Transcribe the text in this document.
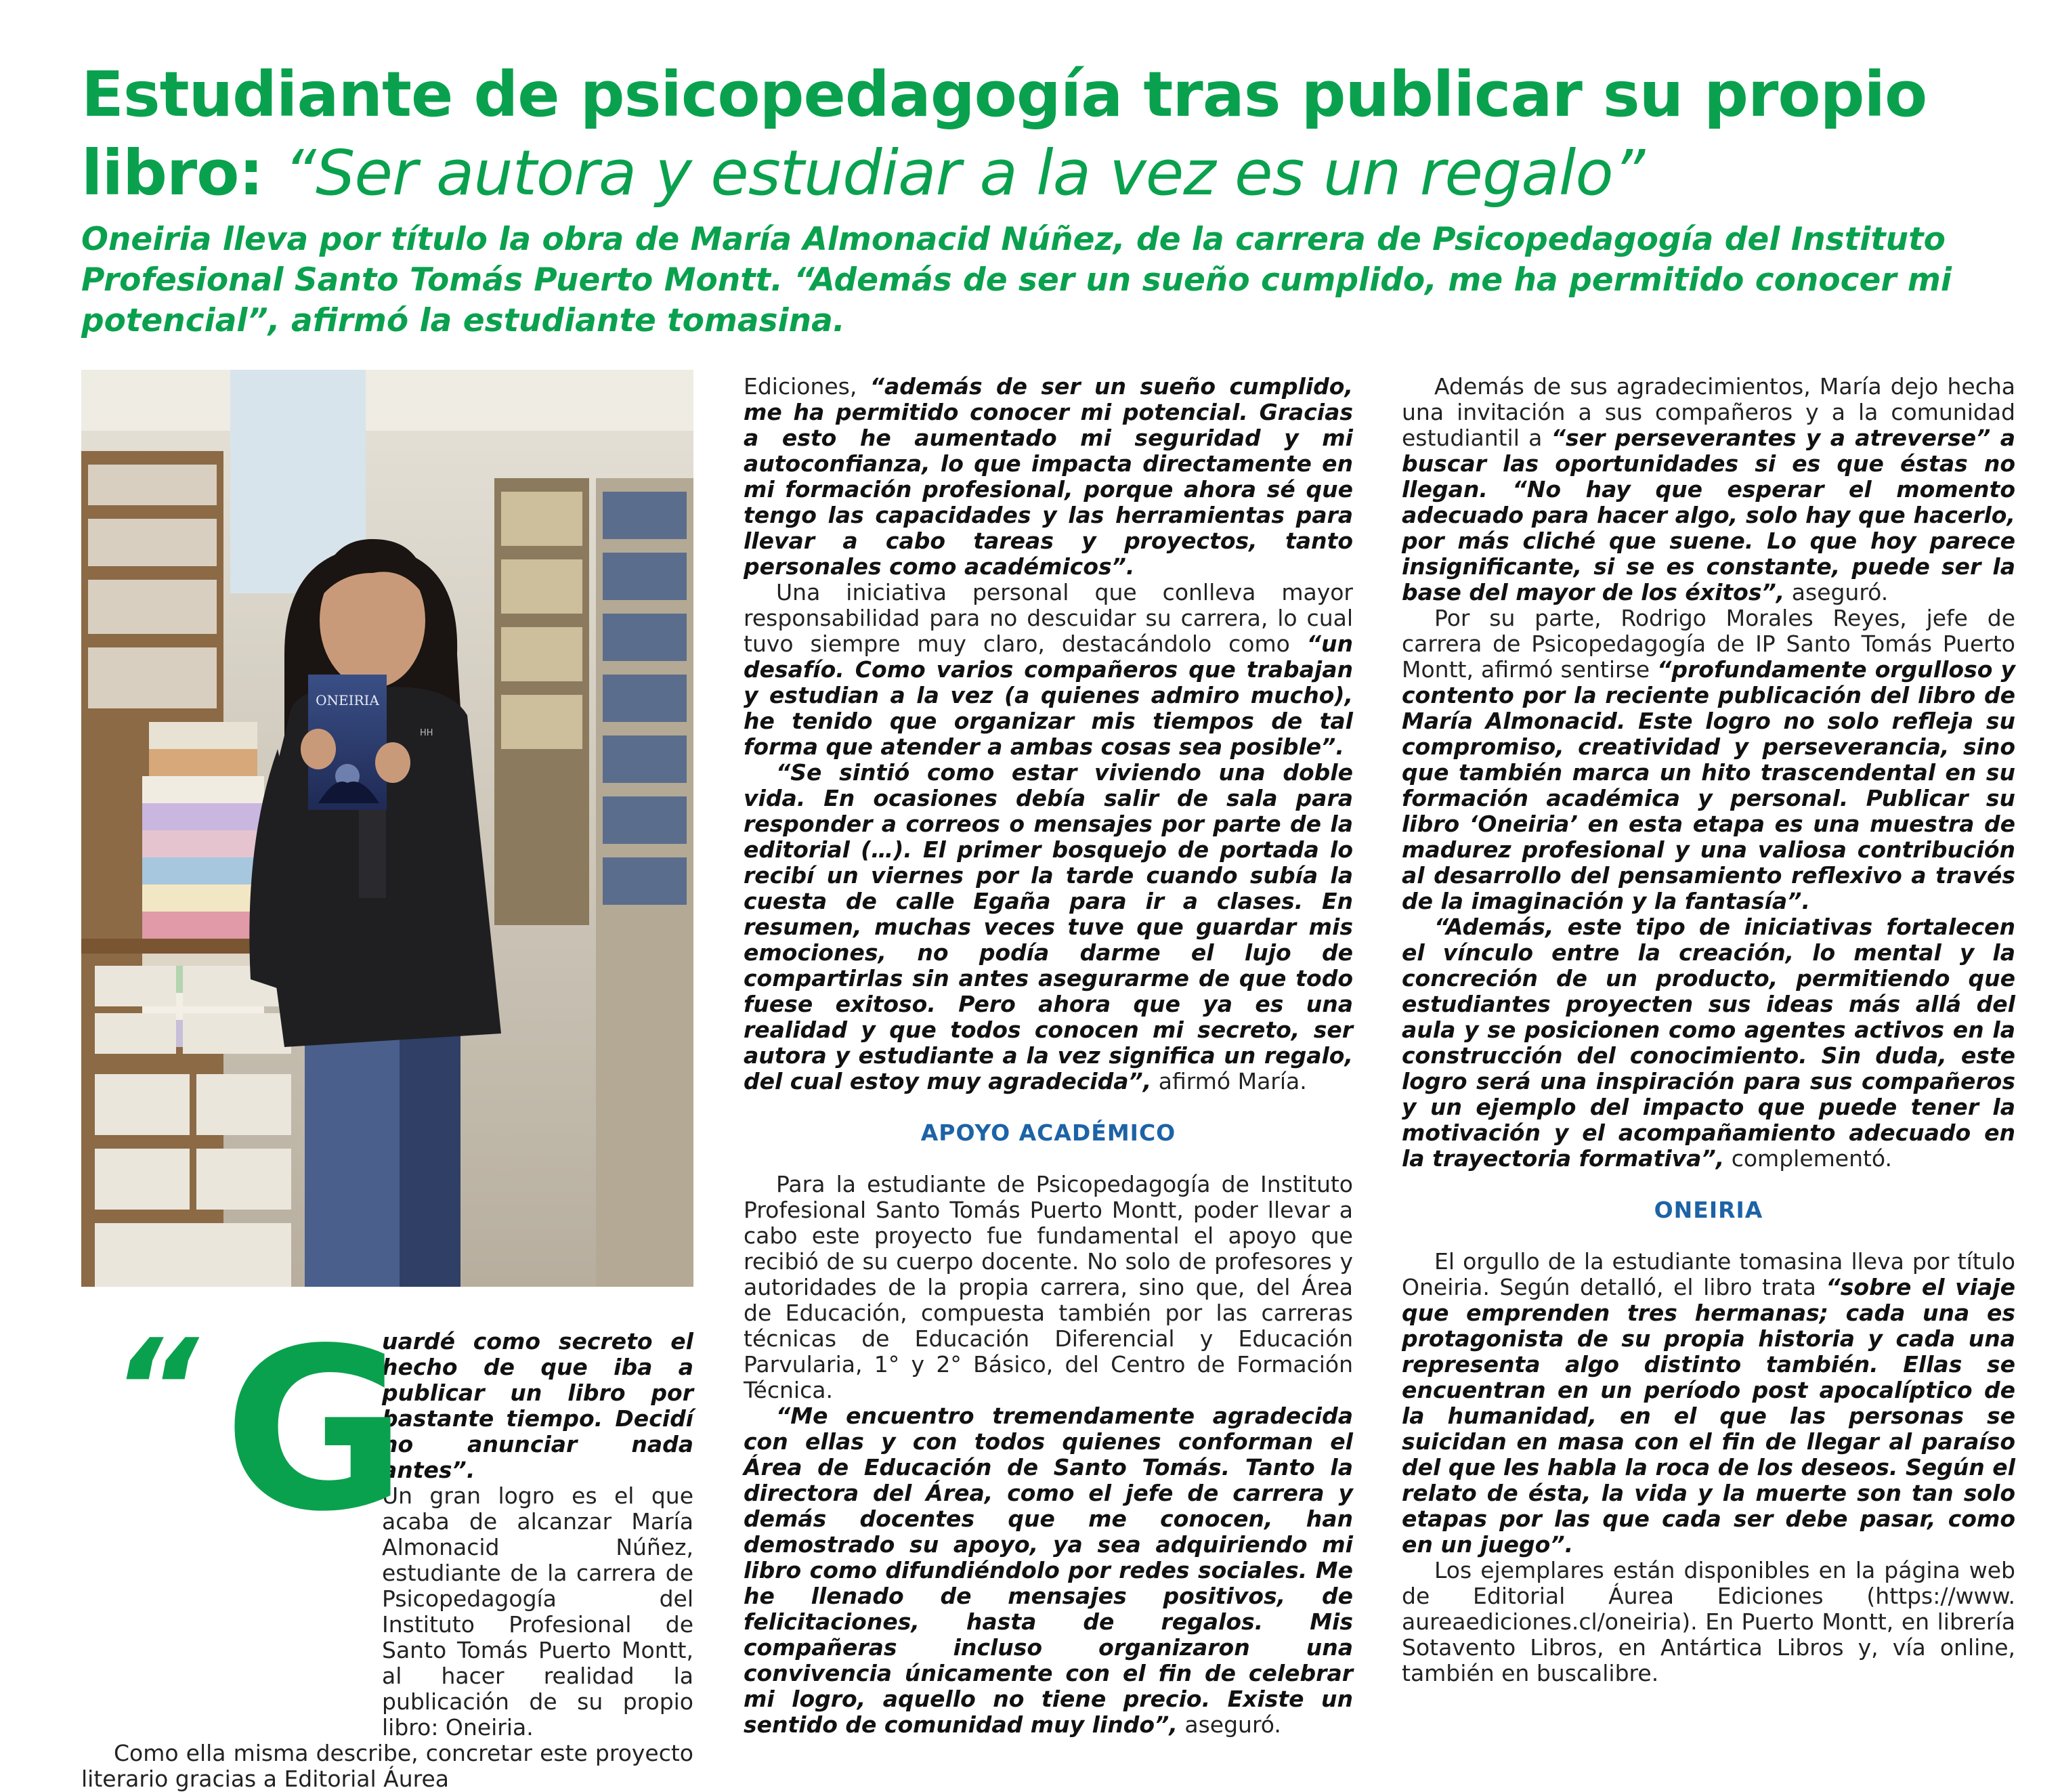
Estudiante de psicopedagogía tras publicar su propio libro: “Ser autora y estudiar a la vez es un regalo”

Oneiria lleva por título la obra de María Almonacid Núñez, de la carrera de Psicopedagogía del Instituto Profesional Santo Tomás Puerto Montt. “Además de ser un sueño cumplido, me ha permitido conocer mi potencial”, afirmó la estudiante tomasina.

ONEIRIA
HH
“ G

uardé como secreto el hecho de que iba a publicar un libro por bastante tiempo. Decidí no anunciar nada antes”.

Un gran logro es el que acaba de alcanzar María Almonacid Núñez, estudiante de la carrera de Psicopedagogía del Instituto Profesional de Santo Tomás Puerto Montt, al hacer realidad la publicación de su propio libro: Oneiria.

Como ella misma describe, concretar este proyecto literario gracias a Editorial Áurea

Ediciones, “además de ser un sueño cumplido, me ha permitido conocer mi potencial. Gracias a esto he aumentado mi seguridad y mi autoconfianza, lo que impacta directamente en mi formación profesional, porque ahora sé que tengo las capacidades y las herramientas para llevar a cabo tareas y proyectos, tanto personales como académicos”.

Una iniciativa personal que conlleva mayor responsabilidad para no descuidar su carrera, lo cual tuvo siempre muy claro, destacándolo como “un desafío. Como varios compañeros que trabajan y estudian a la vez (a quienes admiro mucho), he tenido que organizar mis tiempos de tal forma que atender a ambas cosas sea posible”.

“Se sintió como estar viviendo una doble vida. En ocasiones debía salir de sala para responder a correos o mensajes por parte de la editorial (…). El primer bosquejo de portada lo recibí un viernes por la tarde cuando subía la cuesta de calle Egaña para ir a clases. En resumen, muchas veces tuve que guardar mis emociones, no podía darme el lujo de compartirlas sin antes asegurarme de que todo fuese exitoso. Pero ahora que ya es una realidad y que todos conocen mi secreto, ser autora y estudiante a la vez significa un regalo, del cual estoy muy agradecida”, afirmó María.

APOYO ACADÉMICO

Para la estudiante de Psicopedagogía de Instituto Profesional Santo Tomás Puerto Montt, poder llevar a cabo este proyecto fue fundamental el apoyo que recibió de su cuerpo docente. No solo de profesores y autoridades de la propia carrera, sino que, del Área de Educación, compuesta también por las carreras técnicas de Educación Diferencial y Educación Parvularia, 1° y 2° Básico, del Centro de Formación Técnica.

“Me encuentro tremendamente agradecida con ellas y con todos quienes conforman el Área de Educación de Santo Tomás. Tanto la directora del Área, como el jefe de carrera y demás docentes que me conocen, han demostrado su apoyo, ya sea adquiriendo mi libro como difundiéndolo por redes sociales. Me he llenado de mensajes positivos, de felicitaciones, hasta de regalos. Mis compañeras incluso organizaron una convivencia únicamente con el fin de celebrar mi logro, aquello no tiene precio. Existe un sentido de comunidad muy lindo”, aseguró.

Además de sus agradecimientos, María dejo hecha una invitación a sus compañeros y a la comunidad estudiantil a “ser perseverantes y a atreverse” a buscar las oportunidades si es que éstas no llegan. “No hay que esperar el momento adecuado para hacer algo, solo hay que hacerlo, por más cliché que suene. Lo que hoy parece insignificante, si se es constante, puede ser la base del mayor de los éxitos”, aseguró.

Por su parte, Rodrigo Morales Reyes, jefe de carrera de Psicopedagogía de IP Santo Tomás Puerto Montt, afirmó sentirse “profundamente orgulloso y contento por la reciente publicación del libro de María Almonacid. Este logro no solo refleja su compromiso, creatividad y perseverancia, sino que también marca un hito trascendental en su formación académica y personal. Publicar su libro ‘Oneiria’ en esta etapa es una muestra de madurez profesional y una valiosa contribución al desarrollo del pensamiento reflexivo a través de la imaginación y la fantasía”.

“Además, este tipo de iniciativas fortalecen el vínculo entre la creación, lo mental y la concreción de un producto, permitiendo que estudiantes proyecten sus ideas más allá del aula y se posicionen como agentes activos en la construcción del conocimiento. Sin duda, este logro será una inspiración para sus compañeros y un ejemplo del impacto que puede tener la motivación y el acompañamiento adecuado en la trayectoria formativa”, complementó.

ONEIRIA

El orgullo de la estudiante tomasina lleva por título Oneiria. Según detalló, el libro trata “sobre el viaje que emprenden tres hermanas; cada una es protagonista de su propia historia y cada una representa algo distinto también. Ellas se encuentran en un período post apocalíptico de la humanidad, en el que las personas se suicidan en masa con el fin de llegar al paraíso del que les habla la roca de los deseos. Según el relato de ésta, la vida y la muerte son tan solo etapas por las que cada ser debe pasar, como en un juego”.

Los ejemplares están disponibles en la página web de Editorial Áurea Ediciones (https://www. aureaediciones.cl/oneiria). En Puerto Montt, en librería Sotavento Libros, en Antártica Libros y, vía online, también en buscalibre.
